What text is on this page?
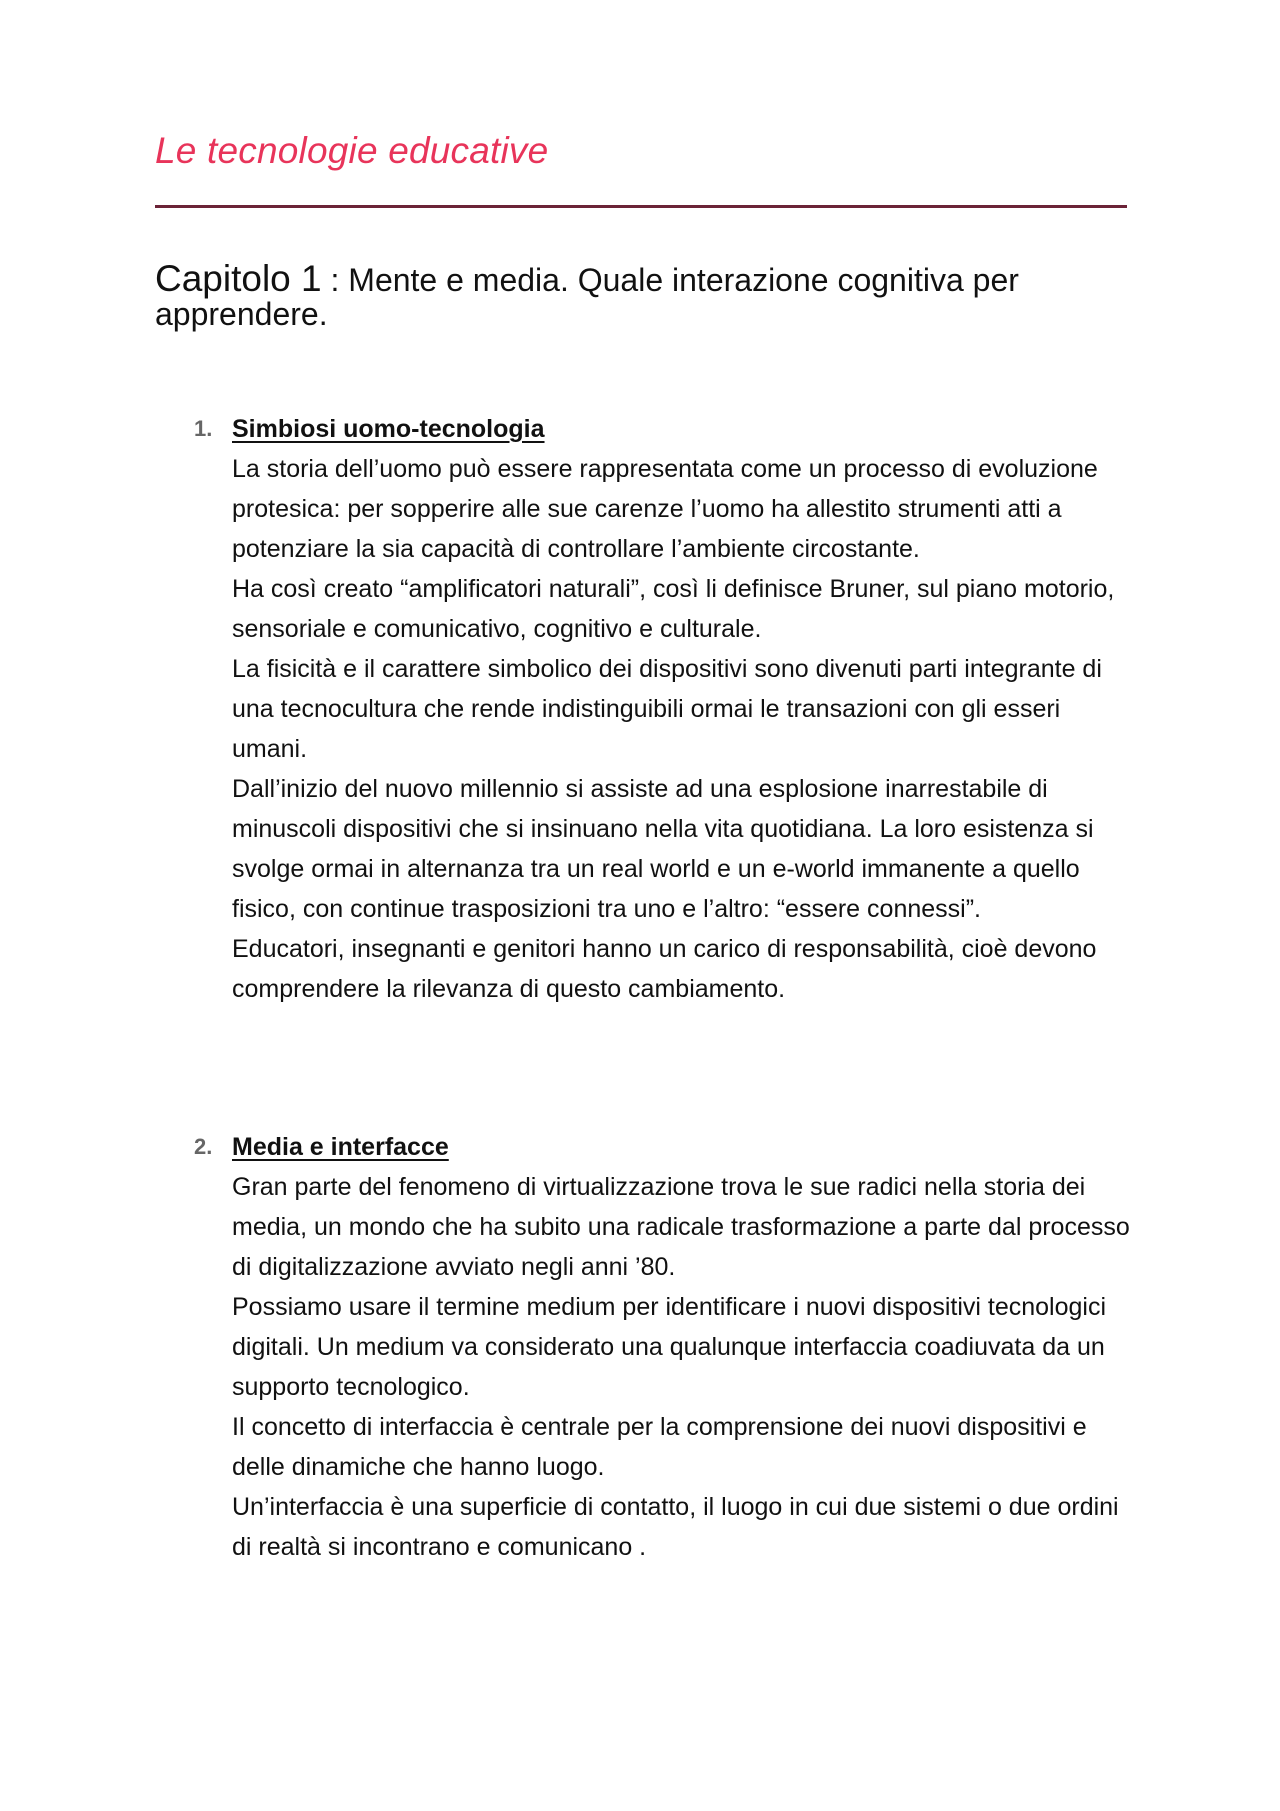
Le tecnologie educative
Capitolo 1 : Mente e media. Quale interazione cognitiva per apprendere.
1. Simbiosi uomo-tecnologia
La storia dell’uomo può essere rappresentata come un processo di evoluzione protesica: per sopperire alle sue carenze l’uomo ha allestito strumenti atti a potenziare la sia capacità di controllare l’ambiente circostante.
Ha così creato “amplificatori naturali”, così li definisce Bruner, sul piano motorio, sensoriale e comunicativo, cognitivo e culturale.
La fisicità e il carattere simbolico dei dispositivi sono divenuti parti integrante di una tecnocultura che rende indistinguibili ormai le transazioni con gli esseri umani.
Dall’inizio del nuovo millennio si assiste ad una esplosione inarrestabile di minuscoli dispositivi che si insinuano nella vita quotidiana. La loro esistenza si svolge ormai in alternanza tra un real world e un e-world immanente a quello fisico, con continue trasposizioni tra uno e l’altro: “essere connessi”.
Educatori, insegnanti e genitori hanno un carico di responsabilità, cioè devono comprendere la rilevanza di questo cambiamento.
2. Media e interfacce
Gran parte del fenomeno di virtualizzazione trova le sue radici nella storia dei media, un mondo che ha subito una radicale trasformazione a parte dal processo di digitalizzazione avviato negli anni ’80.
Possiamo usare il termine medium per identificare i nuovi dispositivi tecnologici digitali. Un medium va considerato una qualunque interfaccia coadiuvata da un supporto tecnologico.
Il concetto di interfaccia è centrale per la comprensione dei nuovi dispositivi e delle dinamiche che hanno luogo.
Un’interfaccia è una superficie di contatto, il luogo in cui due sistemi o due ordini di realtà si incontrano e comunicano .
